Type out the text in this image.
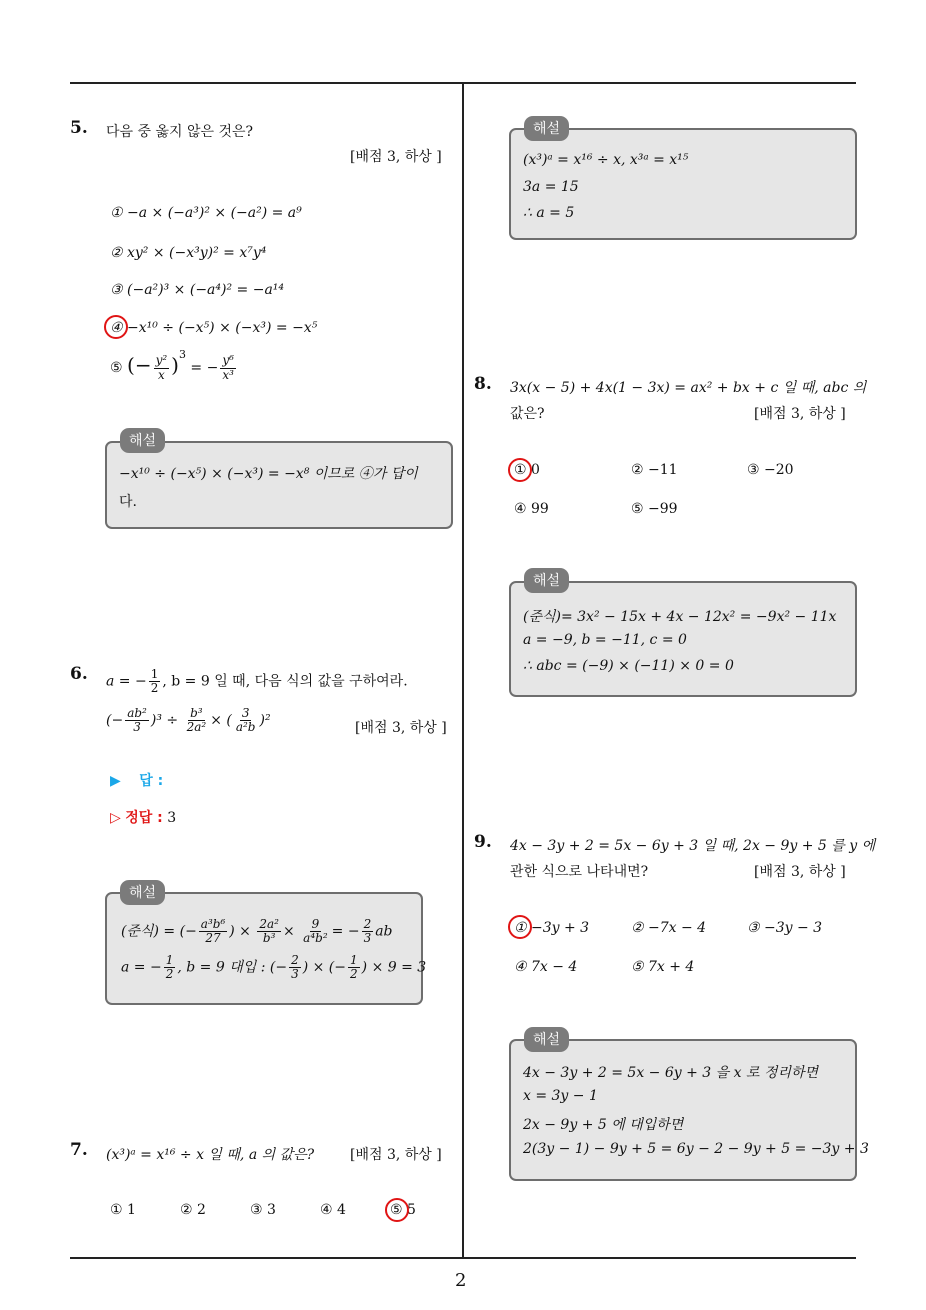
2
5. 다음 중 옳지 않은 것은?
[배점 3, 하상 ]
① −a × (−a³)² × (−a²) = a⁹
② xy² × (−x³y)² = x⁷y⁴
③ (−a²)³ × (−a⁴)² = −a¹⁴
④ −x¹⁰ ÷ (−x⁵) × (−x³) = −x⁵
⑤ (− $\frac{\text{y²}}{x} )^3$ = − $\frac{\text{y⁶}}{\text{x³}}$
−x¹⁰ ÷ (−x⁵) × (−x³) = −x⁸ 이므로 ④가 답이
다.
해설
6. a = − $\frac{1}{2}$ , b = 9 일 때, 다음 식의 값을 구하여라.
(− $\frac{\text{ab²}}{3} )^3 \div \frac{\text{b³}}{\text{2a²}}$ × ( $\frac{3}{\text{a²b}} )^2$	[배점 3, 하상 ]
▶ 답 :
▷ 정답 : 3
(준식) = (− $\frac{\text{a³b⁶}}{27}$ ) × $\frac{\text{2a²}}{\text{b³}} \times \frac{9}{\text{a⁴b²}}$ = − $\frac{2}{3}$ ab
a = − $\frac{1}{2}$ , b = 9 대입 : (− $\frac{2}{3}$ ) × (− $\frac{1}{2}$ ) × 9 = 3
해설
7. (x³)ᵃ = x¹⁶ ÷ x 일 때, a 의 값은?	[배점 3, 하상 ]
① 1	② 2	③ 3	④ 4	⑤ 5
(x³)ᵃ = x¹⁶ ÷ x, x³ᵃ = x¹⁵
3a = 15
∴ a = 5
해설
8. 3x(x − 5) + 4x(1 − 3x) = ax² + bx + c 일 때, abc 의
값은?	[배점 3, 하상 ]
① 0	② −11	③ −20
④ 99	⑤ −99
(준식)= 3x² − 15x + 4x − 12x² = −9x² − 11x
a = −9, b = −11, c = 0
∴ abc = (−9) × (−11) × 0 = 0
해설
9. 4x − 3y + 2 = 5x − 6y + 3 일 때, 2x − 9y + 5 를 y 에
관한 식으로 나타내면?	[배점 3, 하상 ]
① −3y + 3	② −7x − 4	③ −3y − 3
④ 7x − 4	⑤ 7x + 4
4x − 3y + 2 = 5x − 6y + 3 을 x 로 정리하면
x = 3y − 1
2x − 9y + 5 에 대입하면
2(3y − 1) − 9y + 5 = 6y − 2 − 9y + 5 = −3y + 3
해설
